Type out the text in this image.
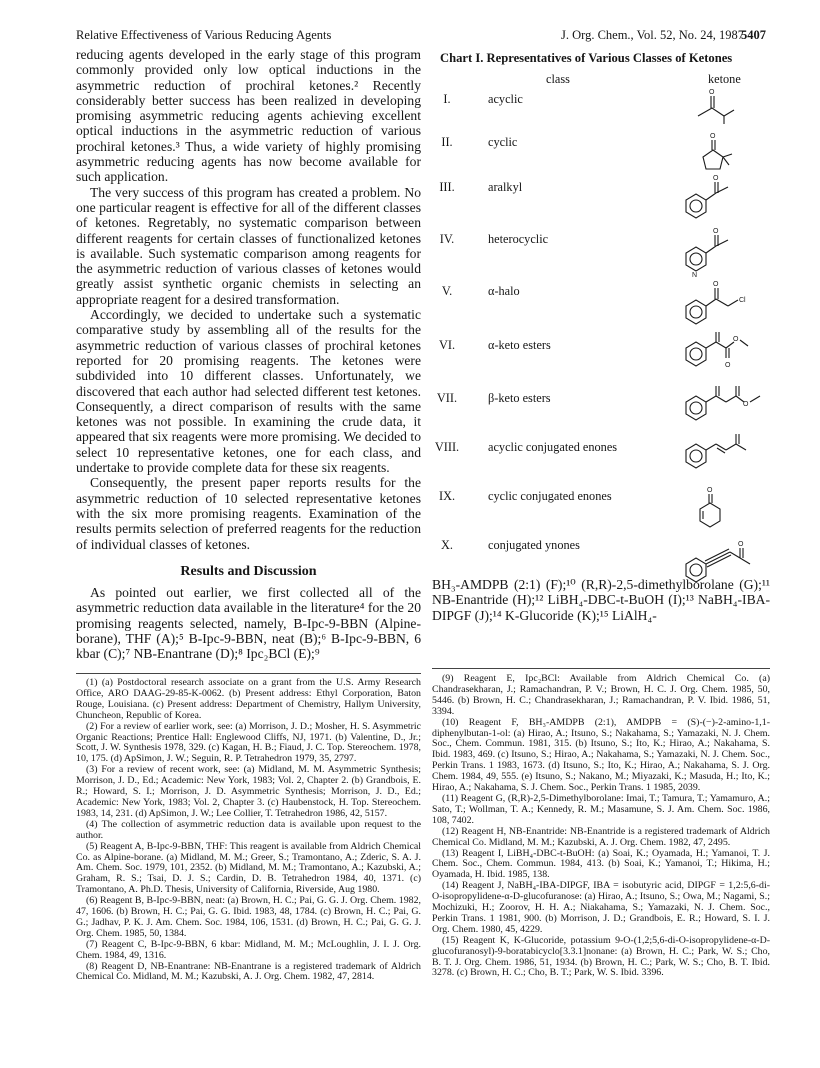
Relative Effectiveness of Various Reducing Agents	J. Org. Chem., Vol. 52, No. 24, 1987
5407

reducing agents developed in the early stage of this program commonly provided only low optical inductions in the asymmetric reduction of prochiral ketones.² Recently considerably better success has been realized in developing promising asymmetric reducing agents achieving excellent optical inductions in the asymmetric reduction of various prochiral ketones.³ Thus, a wide variety of highly promising asymmetric reducing agents has now become available for such application.

The very success of this program has created a problem. No one particular reagent is effective for all of the different classes of ketones. Regretably, no systematic comparison between different reagents for certain classes of functionalized ketones is available. Such systematic comparison among reagents for the asymmetric reduction of various classes of ketones would greatly assist synthetic organic chemists in selecting an appropriate reagent for a desired transformation.

Accordingly, we decided to undertake such a systematic comparative study by assembling all of the results for the asymmetric reduction of various classes of prochiral ketones reported for 20 promising reagents. The ketones were subdivided into 10 different classes. Unfortunately, we discovered that each author had selected different test ketones. Consequently, a direct comparison of results with the same ketones was not possible. In examining the crude data, it appeared that six reagents were more promising. We decided to select 10 representative ketones, one for each class, and undertake to provide complete data for these six reagents.

Consequently, the present paper reports results for the asymmetric reduction of 10 selected representative ketones with the six more promising reagents. Examination of the results permits selection of preferred reagents for the reduction of individual classes of ketones.

Results and Discussion

As pointed out earlier, we first collected all of the asymmetric reduction data available in the literature⁴ for the 20 promising reagents selected, namely, B-Ipc-9-BBN (Alpine-borane), THF (A);⁵ B-Ipc-9-BBN, neat (B);⁶ B-Ipc-9-BBN, 6 kbar (C);⁷ NB-Enantrane (D);⁸ Ipc₂BCl (E);⁹

Chart I. Representatives of Various Classes of Ketones
class	ketone
I.	acyclic
II.	cyclic
III.	aralkyl
IV.	heterocyclic
V.	α-halo
VI.	α-keto esters
VII.	β-keto esters
VIII.	acyclic conjugated enones
IX.	cyclic conjugated enones
X.	conjugated ynones
O
O
O
O
N
O
Cl
O
O
O
O
O

BH₃-AMDPB (2:1) (F);¹⁰ (R,R)-2,5-dimethylborolane (G);¹¹ NB-Enantride (H);¹² LiBH₄-DBC-t-BuOH (I);¹³ NaBH₄-IBA-DIPGF (J);¹⁴ K-Glucoride (K);¹⁵ LiAlH₄-

(1) (a) Postdoctoral research associate on a grant from the U.S. Army Research Office, ARO DAAG-29-85-K-0062. (b) Present address: Ethyl Corporation, Baton Rouge, Louisiana. (c) Present address: Department of Chemistry, Hallym University, Chuncheon, Republic of Korea.

(2) For a review of earlier work, see: (a) Morrison, J. D.; Mosher, H. S. Asymmetric Organic Reactions; Prentice Hall: Englewood Cliffs, NJ, 1971. (b) Valentine, D., Jr.; Scott, J. W. Synthesis 1978, 329. (c) Kagan, H. B.; Fiaud, J. C. Top. Stereochem. 1978, 10, 175. (d) ApSimon, J. W.; Seguin, R. P. Tetrahedron 1979, 35, 2797.

(3) For a review of recent work, see: (a) Midland, M. M. Asymmetric Synthesis; Morrison, J. D., Ed.; Academic: New York, 1983; Vol. 2, Chapter 2. (b) Grandbois, E. R.; Howard, S. I.; Morrison, J. D. Asymmetric Synthesis; Morrison, J. D., Ed.; Academic: New York, 1983; Vol. 2, Chapter 3. (c) Haubenstock, H. Top. Stereochem. 1983, 14, 231. (d) ApSimon, J. W.; Lee Collier, T. Tetrahedron 1986, 42, 5157.

(4) The collection of asymmetric reduction data is available upon request to the author.

(5) Reagent A, B-Ipc-9-BBN, THF: This reagent is available from Aldrich Chemical Co. as Alpine-borane. (a) Midland, M. M.; Greer, S.; Tramontano, A.; Zderic, S. A. J. Am. Chem. Soc. 1979, 101, 2352. (b) Midland, M. M.; Tramontano, A.; Kazubski, A.; Graham, R. S.; Tsai, D. J. S.; Cardin, D. B. Tetrahedron 1984, 40, 1371. (c) Tramontano, A. Ph.D. Thesis, University of California, Riverside, Aug 1980.

(6) Reagent B, B-Ipc-9-BBN, neat: (a) Brown, H. C.; Pai, G. G. J. Org. Chem. 1982, 47, 1606. (b) Brown, H. C.; Pai, G. G. Ibid. 1983, 48, 1784. (c) Brown, H. C.; Pai, G. G.; Jadhav, P. K. J. Am. Chem. Soc. 1984, 106, 1531. (d) Brown, H. C.; Pai, G. G. J. Org. Chem. 1985, 50, 1384.

(7) Reagent C, B-Ipc-9-BBN, 6 kbar: Midland, M. M.; McLoughlin, J. I. J. Org. Chem. 1984, 49, 1316.

(8) Reagent D, NB-Enantrane: NB-Enantrane is a registered trademark of Aldrich Chemical Co. Midland, M. M.; Kazubski, A. J. Org. Chem. 1982, 47, 2814.

(9) Reagent E, Ipc₂BCl: Available from Aldrich Chemical Co. (a) Chandrasekharan, J.; Ramachandran, P. V.; Brown, H. C. J. Org. Chem. 1985, 50, 5446. (b) Brown, H. C.; Chandrasekharan, J.; Ramachandran, P. V. Ibid. 1986, 51, 3394.

(10) Reagent F, BH₃-AMDPB (2:1), AMDPB = (S)-(−)-2-amino-1,1-diphenylbutan-1-ol: (a) Hirao, A.; Itsuno, S.; Nakahama, S.; Yamazaki, N. J. Chem. Soc., Chem. Commun. 1981, 315. (b) Itsuno, S.; Ito, K.; Hirao, A.; Nakahama, S. Ibid. 1983, 469. (c) Itsuno, S.; Hirao, A.; Nakahama, S.; Yamazaki, N. J. Chem. Soc., Perkin Trans. 1 1983, 1673. (d) Itsuno, S.; Ito, K.; Hirao, A.; Nakahama, S. J. Org. Chem. 1984, 49, 555. (e) Itsuno, S.; Nakano, M.; Miyazaki, K.; Masuda, H.; Ito, K.; Hirao, A.; Nakahama, S. J. Chem. Soc., Perkin Trans. 1 1985, 2039.

(11) Reagent G, (R,R)-2,5-Dimethylborolane: Imai, T.; Tamura, T.; Yamamuro, A.; Sato, T.; Wollman, T. A.; Kennedy, R. M.; Masamune, S. J. Am. Chem. Soc. 1986, 108, 7402.

(12) Reagent H, NB-Enantride: NB-Enantride is a registered trademark of Aldrich Chemical Co. Midland, M. M.; Kazubski, A. J. Org. Chem. 1982, 47, 2495.

(13) Reagent I, LiBH₄-DBC-t-BuOH: (a) Soai, K.; Oyamada, H.; Yamanoi, T. J. Chem. Soc., Chem. Commun. 1984, 413. (b) Soai, K.; Yamanoi, T.; Hikima, H.; Oyamada, H. Ibid. 1985, 138.

(14) Reagent J, NaBH₄-IBA-DIPGF, IBA = isobutyric acid, DIPGF = 1,2:5,6-di-O-isopropylidene-α-D-glucofuranose: (a) Hirao, A.; Itsuno, S.; Owa, M.; Nagami, S.; Mochizuki, H.; Zoorov, H. H. A.; Niakahama, S.; Yamazaki, N. J. Chem. Soc., Perkin Trans. 1 1981, 900. (b) Morrison, J. D.; Grandbois, E. R.; Howard, S. I. J. Org. Chem. 1980, 45, 4229.

(15) Reagent K, K-Glucoride, potassium 9-O-(1,2;5,6-di-O-isopropylidene-α-D-glucofuranosyl)-9-boratabicyclo[3.3.1]nonane: (a) Brown, H. C.; Park, W. S.; Cho, B. T. J. Org. Chem. 1986, 51, 1934. (b) Brown, H. C.; Park, W. S.; Cho, B. T. Ibid. 3278. (c) Brown, H. C.; Cho, B. T.; Park, W. S. Ibid. 3396.
